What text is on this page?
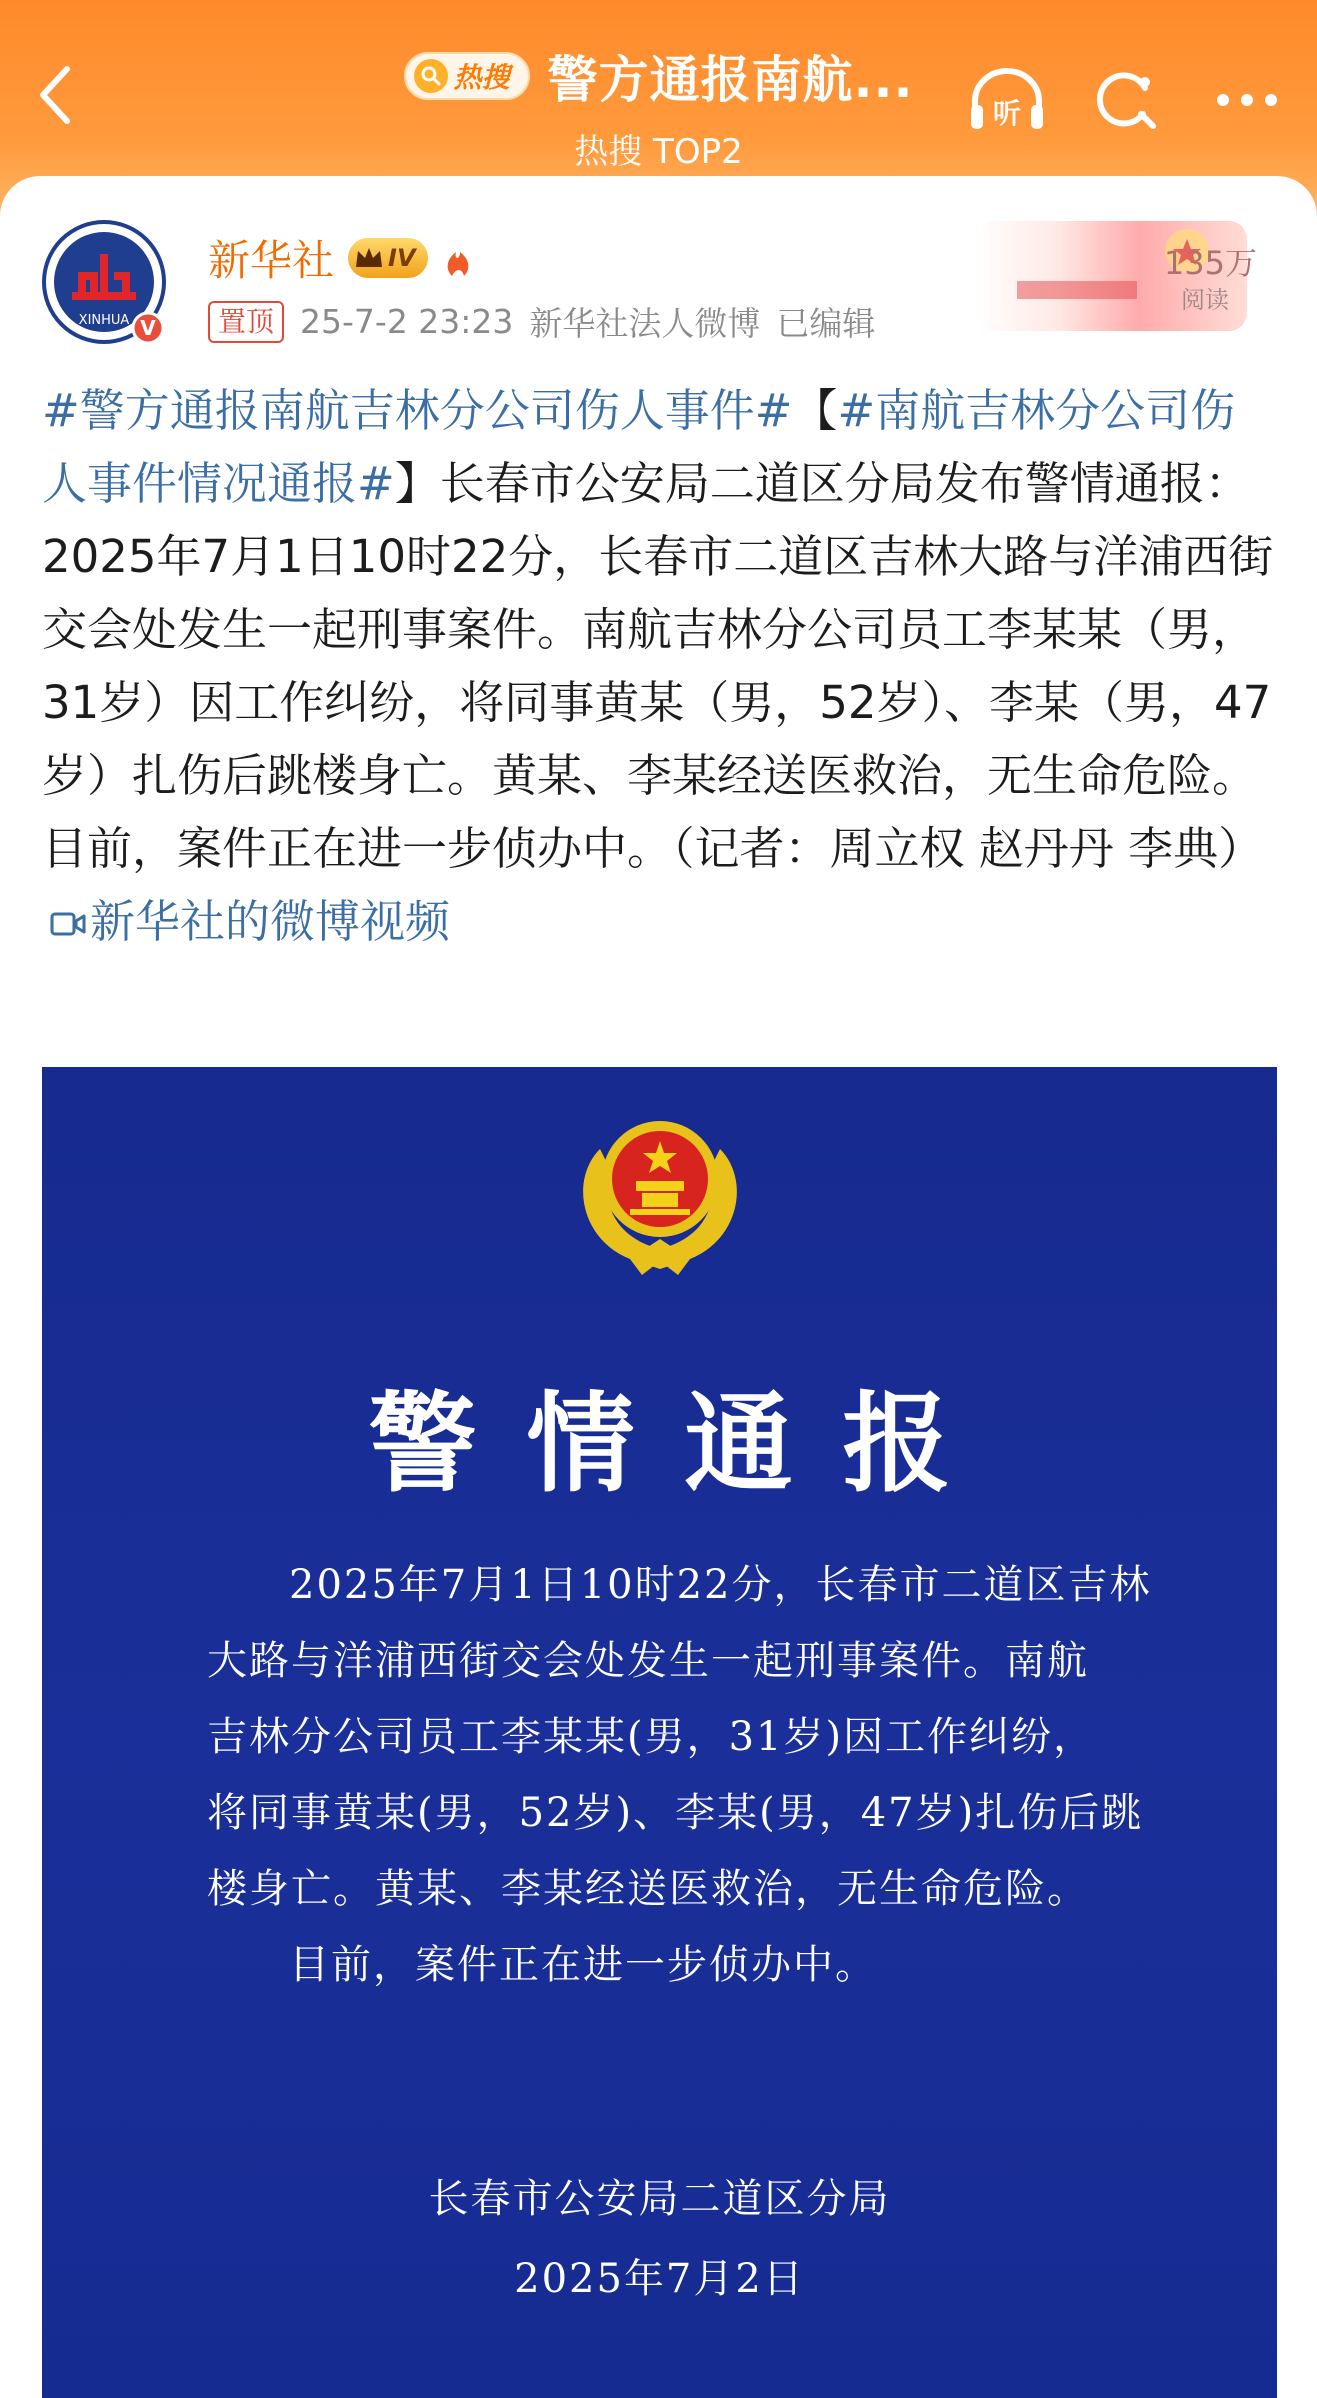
热搜 警方通报南航...
热搜 TOP2
听
XINHUA V
新华社 IV
置顶 25-7-2 23:23 新华社法人微博 已编辑
135万
阅读
#警方通报南航吉林分公司伤人事件#【#南航吉林分公司伤人事件情况通报#】长春市公安局二道区分局发布警情通报：2025年7月1日10时22分，长春市二道区吉林大路与洋浦西街交会处发生一起刑事案件。南航吉林分公司员工李某某（男，31岁）因工作纠纷，将同事黄某（男，52岁）、李某（男，47岁）扎伤后跳楼身亡。黄某、李某经送医救治，无生命危险。目前，案件正在进一步侦办中。（记者：周立权 赵丹丹 李典）新华社的微博视频
警情通报

2025年7月1日10时22分，长春市二道区吉林

大路与洋浦西街交会处发生一起刑事案件。南航

吉林分公司员工李某某(男，31岁)因工作纠纷，

将同事黄某(男，52岁)、李某(男，47岁)扎伤后跳

楼身亡。黄某、李某经送医救治，无生命危险。

目前，案件正在进一步侦办中。

长春市公安局二道区分局
2025年7月2日
